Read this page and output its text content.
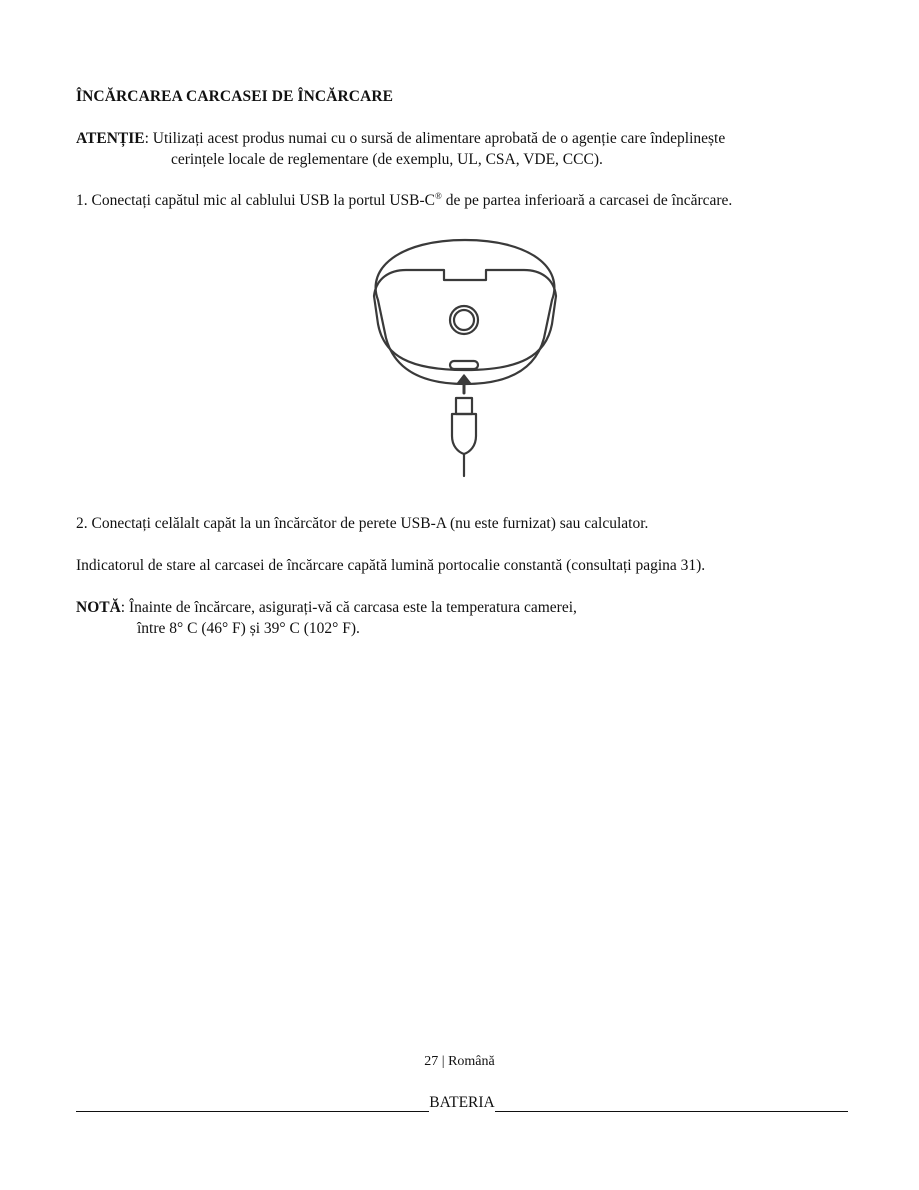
ÎNCĂRCAREA CARCASEI DE ÎNCĂRCARE
ATENȚIE: Utilizați acest produs numai cu o sursă de alimentare aprobată de o agenție care îndeplinește
cerințele locale de reglementare (de exemplu, UL, CSA, VDE, CCC).
1. Conectați capătul mic al cablului USB la portul USB-C® de pe partea inferioară a carcasei de încărcare.
2. Conectați celălalt capăt la un încărcător de perete USB-A (nu este furnizat) sau calculator.
Indicatorul de stare al carcasei de încărcare capătă lumină portocalie constantă (consultați pagina 31).
NOTĂ: Înainte de încărcare, asigurați-vă că carcasa este la temperatura camerei,
între 8° C (46° F) și 39° C (102° F).
27 | Română
BATERIA
